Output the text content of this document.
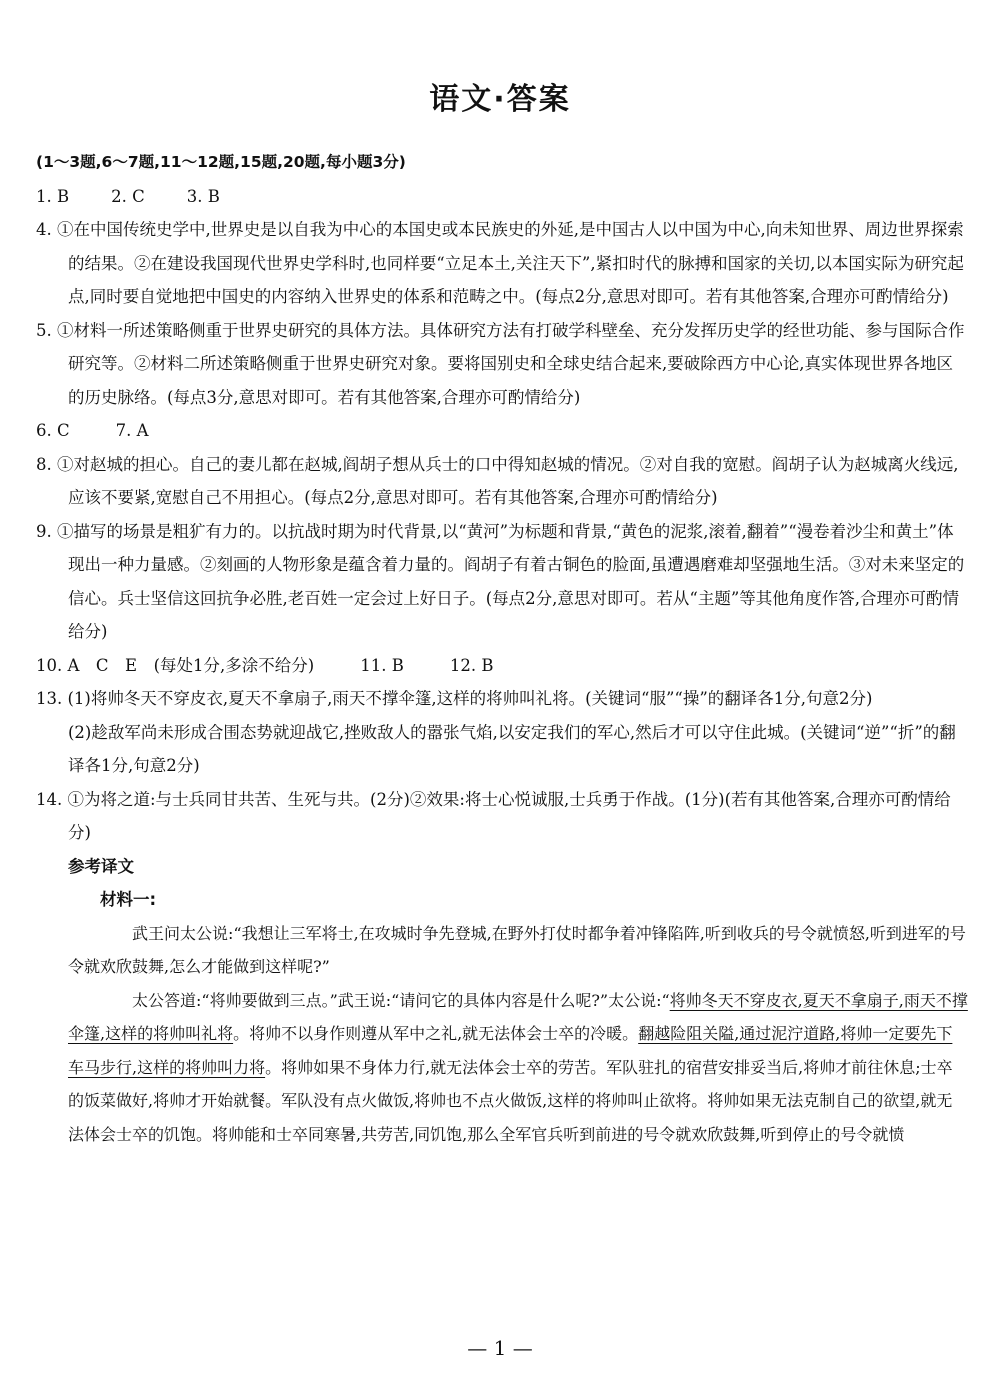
语文·答案

(1～3题,6～7题,11～12题,15题,20题,每小题3分)

1. B	2. C	3. B

4. ①在中国传统史学中,世界史是以自我为中心的本国史或本民族史的外延,是中国古人以中国为中心,向未知世界、周边世界探索的结果。②在建设我国现代世界史学科时,也同样要“立足本土,关注天下”,紧扣时代的脉搏和国家的关切,以本国实际为研究起点,同时要自觉地把中国史的内容纳入世界史的体系和范畴之中。(每点2分,意思对即可。若有其他答案,合理亦可酌情给分)

5. ①材料一所述策略侧重于世界史研究的具体方法。具体研究方法有打破学科壁垒、充分发挥历史学的经世功能、参与国际合作研究等。②材料二所述策略侧重于世界史研究对象。要将国别史和全球史结合起来,要破除西方中心论,真实体现世界各地区的历史脉络。(每点3分,意思对即可。若有其他答案,合理亦可酌情给分)

6. C	7. A

8. ①对赵城的担心。自己的妻儿都在赵城,阎胡子想从兵士的口中得知赵城的情况。②对自我的宽慰。阎胡子认为赵城离火线远,应该不要紧,宽慰自己不用担心。(每点2分,意思对即可。若有其他答案,合理亦可酌情给分)

9. ①描写的场景是粗犷有力的。以抗战时期为时代背景,以“黄河”为标题和背景,“黄色的泥浆,滚着,翻着”“漫卷着沙尘和黄土”体现出一种力量感。②刻画的人物形象是蕴含着力量的。阎胡子有着古铜色的脸面,虽遭遇磨难却坚强地生活。③对未来坚定的信心。兵士坚信这回抗争必胜,老百姓一定会过上好日子。(每点2分,意思对即可。若从“主题”等其他角度作答,合理亦可酌情给分)

10. A　C　E　(每处1分,多涂不给分)	11. B	12. B

13. (1)将帅冬天不穿皮衣,夏天不拿扇子,雨天不撑伞篷,这样的将帅叫礼将。(关键词“服”“操”的翻译各1分,句意2分)

(2)趁敌军尚未形成合围态势就迎战它,挫败敌人的嚣张气焰,以安定我们的军心,然后才可以守住此城。(关键词“逆”“折”的翻译各1分,句意2分)

14. ①为将之道:与士兵同甘共苦、生死与共。(2分)②效果:将士心悦诚服,士兵勇于作战。(1分)(若有其他答案,合理亦可酌情给分)

参考译文

材料一:

武王问太公说:“我想让三军将士,在攻城时争先登城,在野外打仗时都争着冲锋陷阵,听到收兵的号令就愤怒,听到进军的号令就欢欣鼓舞,怎么才能做到这样呢?”

太公答道:“将帅要做到三点。”武王说:“请问它的具体内容是什么呢?”太公说:“将帅冬天不穿皮衣,夏天不拿扇子,雨天不撑伞篷,这样的将帅叫礼将。将帅不以身作则遵从军中之礼,就无法体会士卒的冷暖。翻越险阻关隘,通过泥泞道路,将帅一定要先下车马步行,这样的将帅叫力将。将帅如果不身体力行,就无法体会士卒的劳苦。军队驻扎的宿营安排妥当后,将帅才前往休息;士卒的饭菜做好,将帅才开始就餐。军队没有点火做饭,将帅也不点火做饭,这样的将帅叫止欲将。将帅如果无法克制自己的欲望,就无法体会士卒的饥饱。将帅能和士卒同寒暑,共劳苦,同饥饱,那么全军官兵听到前进的号令就欢欣鼓舞,听到停止的号令就愤

— 1 —
